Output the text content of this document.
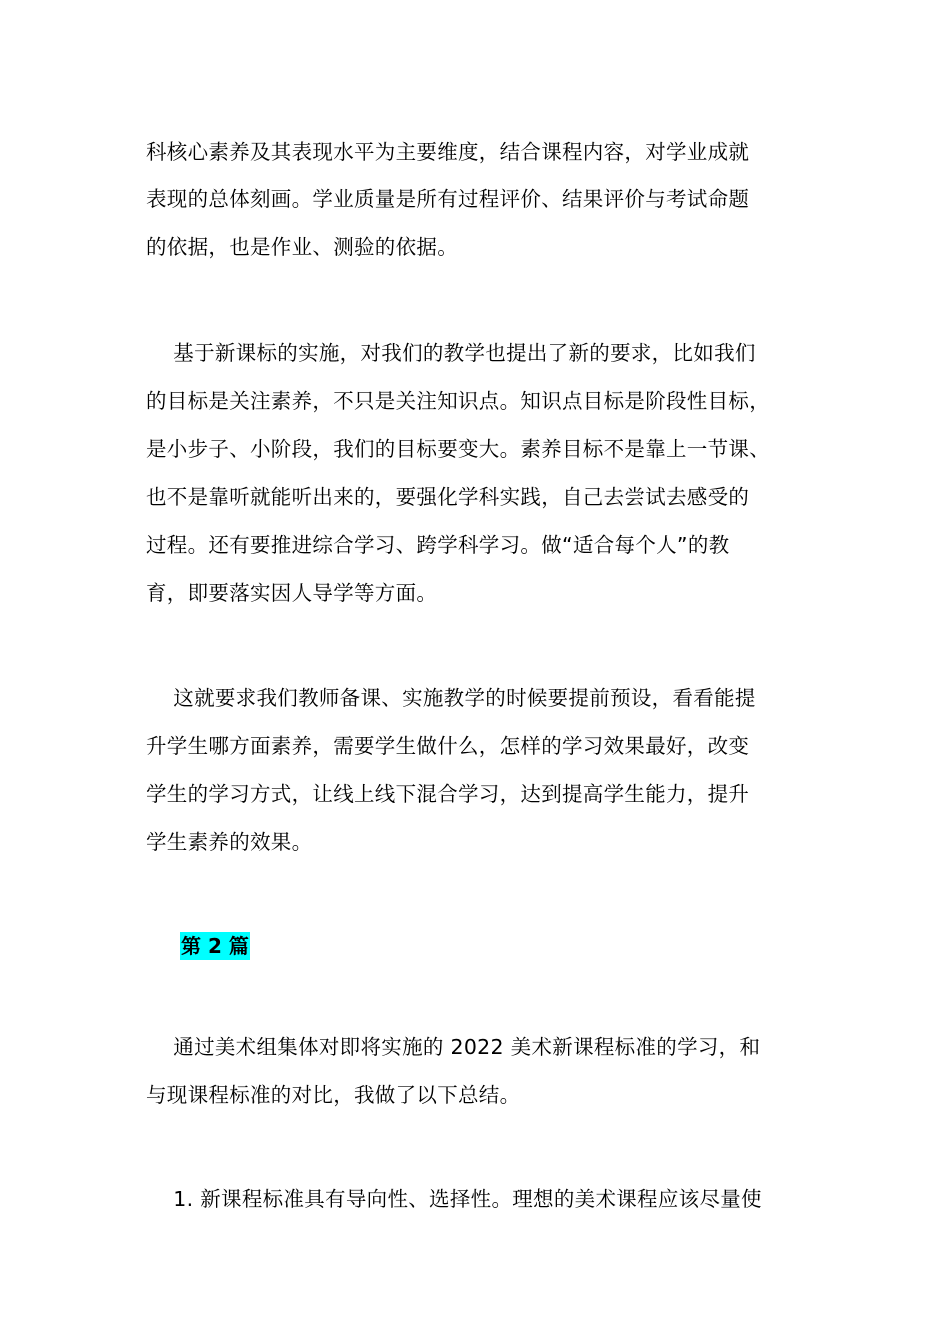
科核心素养及其表现水平为主要维度，结合课程内容，对学业成就
表现的总体刻画。学业质量是所有过程评价、结果评价与考试命题
的依据，也是作业、测验的依据。
基于新课标的实施，对我们的教学也提出了新的要求，比如我们
的目标是关注素养，不只是关注知识点。知识点目标是阶段性目标，
是小步子、小阶段，我们的目标要变大。素养目标不是靠上一节课、
也不是靠听就能听出来的，要强化学科实践，自己去尝试去感受的
过程。还有要推进综合学习、跨学科学习。做“适合每个人”的教
育，即要落实因人导学等方面。
这就要求我们教师备课、实施教学的时候要提前预设，看看能提
升学生哪方面素养，需要学生做什么，怎样的学习效果最好，改变
学生的学习方式，让线上线下混合学习，达到提高学生能力，提升
学生素养的效果。
第 2 篇
通过美术组集体对即将实施的 2022 美术新课程标准的学习，和
与现课程标准的对比，我做了以下总结。
1. 新课程标准具有导向性、选择性。理想的美术课程应该尽量使
